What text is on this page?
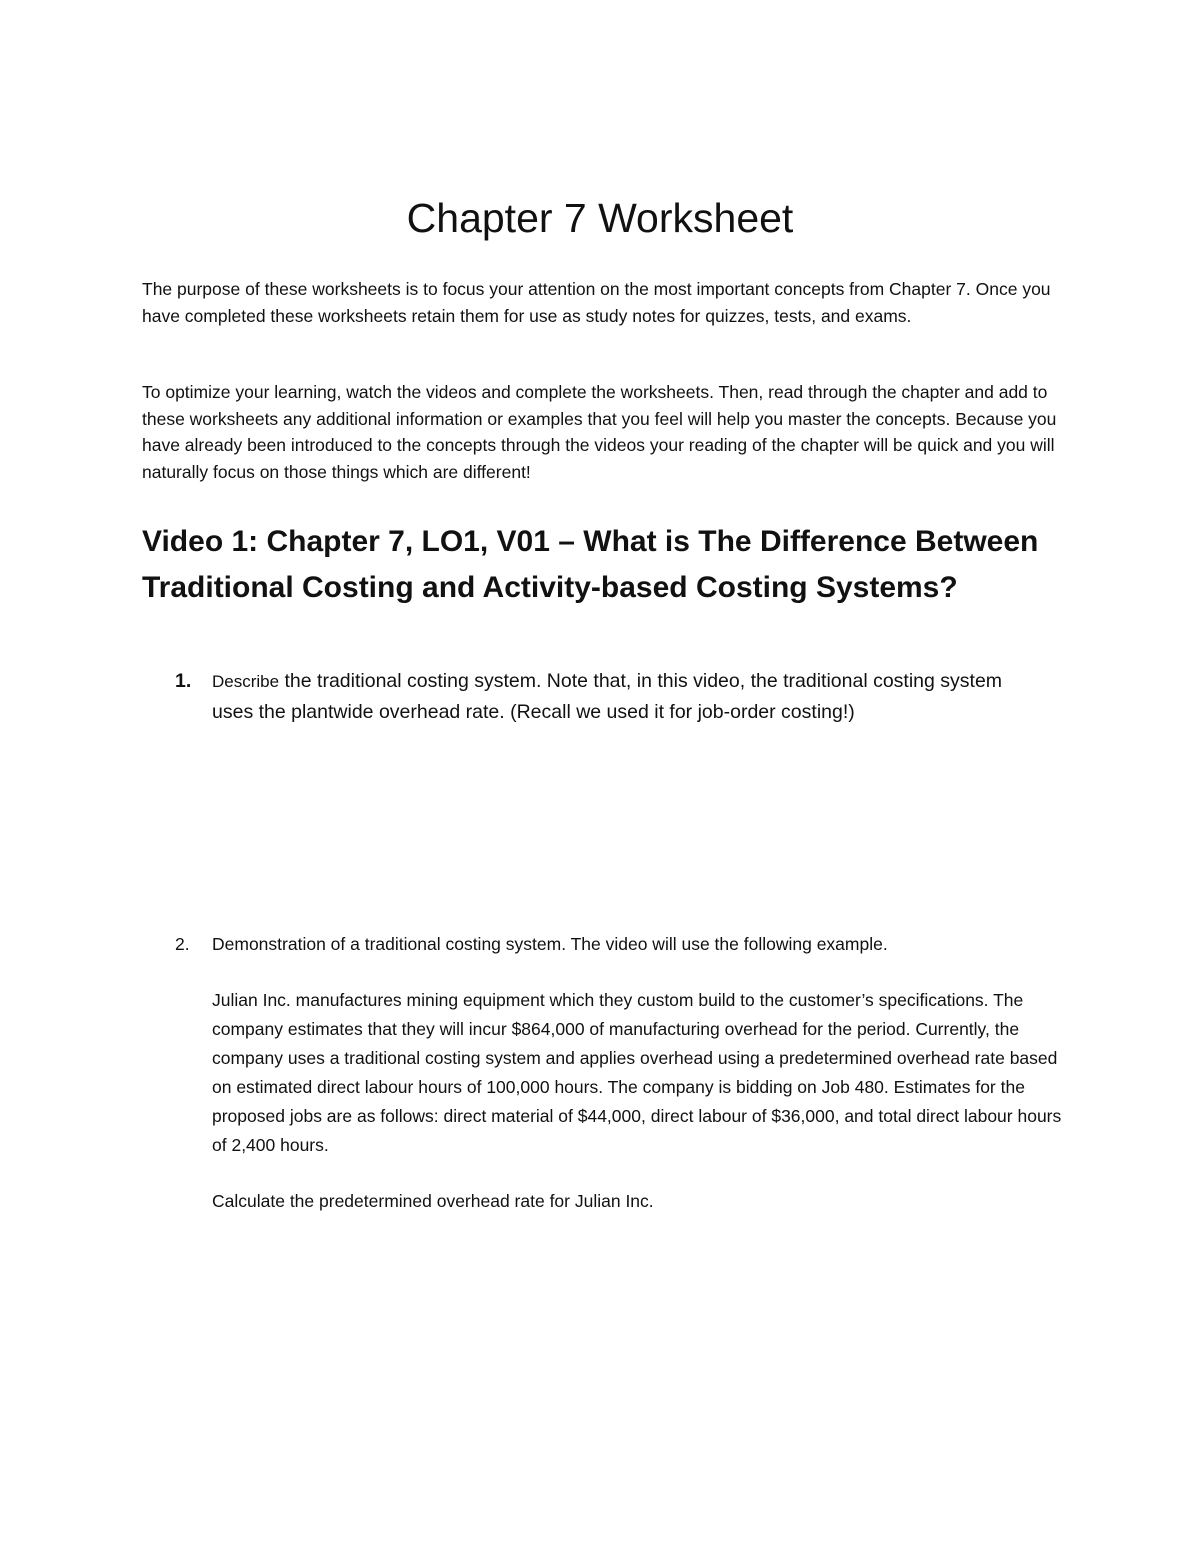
Chapter 7 Worksheet

The purpose of these worksheets is to focus your attention on the most important concepts from Chapter 7. Once you have completed these worksheets retain them for use as study notes for quizzes, tests, and exams.

To optimize your learning, watch the videos and complete the worksheets. Then, read through the chapter and add to these worksheets any additional information or examples that you feel will help you master the concepts. Because you have already been introduced to the concepts through the videos your reading of the chapter will be quick and you will naturally focus on those things which are different!

Video 1: Chapter 7, LO1, V01 – What is The Difference Between Traditional Costing and Activity-based Costing Systems?
1. Describe the traditional costing system. Note that, in this video, the traditional costing system uses the plantwide overhead rate. (Recall we used it for job-order costing!)
2. Demonstration of a traditional costing system. The video will use the following example.

Julian Inc. manufactures mining equipment which they custom build to the customer’s specifications. The company estimates that they will incur $864,000 of manufacturing overhead for the period. Currently, the company uses a traditional costing system and applies overhead using a predetermined overhead rate based on estimated direct labour hours of 100,000 hours. The company is bidding on Job 480. Estimates for the proposed jobs are as follows: direct material of $44,000, direct labour of $36,000, and total direct labour hours of 2,400 hours.

Calculate the predetermined overhead rate for Julian Inc.
